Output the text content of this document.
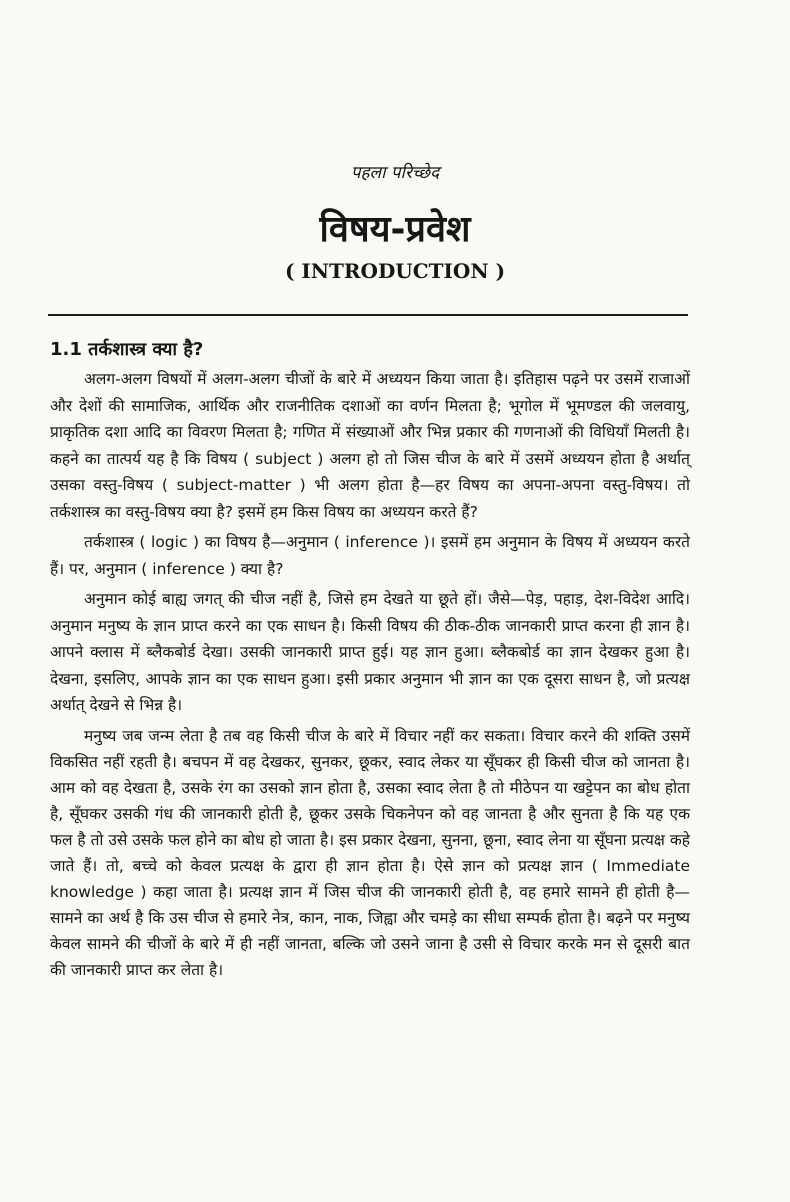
पहला परिच्छेद
विषय-प्रवेश
( INTRODUCTION )
1.1 तर्कशास्त्र क्या है?

अलग-अलग विषयों में अलग-अलग चीजों के बारे में अध्ययन किया जाता है। इतिहास पढ़ने पर उसमें राजाओं और देशों की सामाजिक, आर्थिक और राजनीतिक दशाओं का वर्णन मिलता है; भूगोल में भूमण्डल की जलवायु, प्राकृतिक दशा आदि का विवरण मिलता है; गणित में संख्याओं और भिन्न प्रकार की गणनाओं की विधियाँ मिलती है। कहने का तात्पर्य यह है कि विषय ( subject ) अलग हो तो जिस चीज के बारे में उसमें अध्ययन होता है अर्थात् उसका वस्तु-विषय ( subject-matter ) भी अलग होता है—हर विषय का अपना-अपना वस्तु-विषय। तो तर्कशास्त्र का वस्तु-विषय क्या है? इसमें हम किस विषय का अध्ययन करते हैं?

तर्कशास्त्र ( logic ) का विषय है—अनुमान ( inference )। इसमें हम अनुमान के विषय में अध्ययन करते हैं। पर, अनुमान ( inference ) क्या है?

अनुमान कोई बाह्य जगत् की चीज नहीं है, जिसे हम देखते या छूते हों। जैसे—पेड़, पहाड़, देश-विदेश आदि। अनुमान मनुष्य के ज्ञान प्राप्त करने का एक साधन है। किसी विषय की ठीक-ठीक जानकारी प्राप्त करना ही ज्ञान है। आपने क्लास में ब्लैकबोर्ड देखा। उसकी जानकारी प्राप्त हुई। यह ज्ञान हुआ। ब्लैकबोर्ड का ज्ञान देखकर हुआ है। देखना, इसलिए, आपके ज्ञान का एक साधन हुआ। इसी प्रकार अनुमान भी ज्ञान का एक दूसरा साधन है, जो प्रत्यक्ष अर्थात् देखने से भिन्न है।

मनुष्य जब जन्म लेता है तब वह किसी चीज के बारे में विचार नहीं कर सकता। विचार करने की शक्ति उसमें विकसित नहीं रहती है। बचपन में वह देखकर, सुनकर, छूकर, स्वाद लेकर या सूँघकर ही किसी चीज को जानता है। आम को वह देखता है, उसके रंग का उसको ज्ञान होता है, उसका स्वाद लेता है तो मीठेपन या खट्टेपन का बोध होता है, सूँघकर उसकी गंध की जानकारी होती है, छूकर उसके चिकनेपन को वह जानता है और सुनता है कि यह एक फल है तो उसे उसके फल होने का बोध हो जाता है। इस प्रकार देखना, सुनना, छूना, स्वाद लेना या सूँघना प्रत्यक्ष कहे जाते हैं। तो, बच्चे को केवल प्रत्यक्ष के द्वारा ही ज्ञान होता है। ऐसे ज्ञान को प्रत्यक्ष ज्ञान ( Immediate knowledge ) कहा जाता है। प्रत्यक्ष ज्ञान में जिस चीज की जानकारी होती है, वह हमारे सामने ही होती है—सामने का अर्थ है कि उस चीज से हमारे नेत्र, कान, नाक, जिह्वा और चमड़े का सीधा सम्पर्क होता है। बढ़ने पर मनुष्य केवल सामने की चीजों के बारे में ही नहीं जानता, बल्कि जो उसने जाना है उसी से विचार करके मन से दूसरी बात की जानकारी प्राप्त कर लेता है।
